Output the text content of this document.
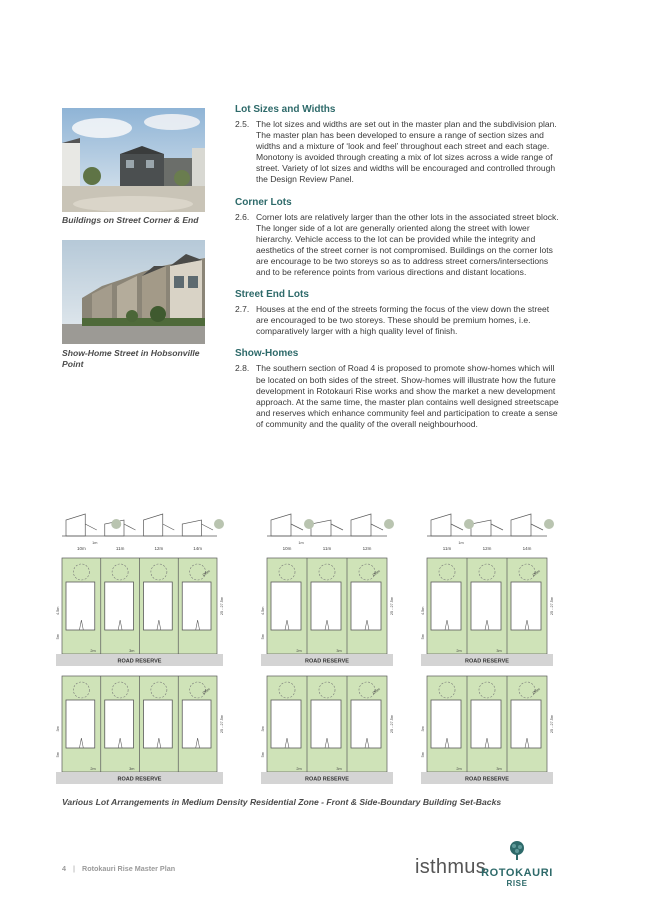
Buildings on Street Corner & End
Show-Home Street in Hobsonville Point
Lot Sizes and Widths
2.5. The lot sizes and widths are set out in the master plan and the subdivision plan. The master plan has been developed to ensure a range of section sizes and widths and a mixture of ‘look and feel’ throughout each street and each stage. Monotony is avoided through creating a mix of lot sizes across a wide range of street. Variety of lot sizes and widths will be encouraged and controlled through the Design Review Panel.
Corner Lots
2.6. Corner lots are relatively larger than the other lots in the associated street block. The longer side of a lot are generally oriented along the street with lower hierarchy. Vehicle access to the lot can be provided while the integrity and aesthetics of the street corner is not compromised. Buildings on the corner lots are encourage to be two storeys so as to address street corners/intersections and to be reference points from various directions and distant locations.
Street End Lots
2.7. Houses at the end of the streets forming the focus of the view down the street are encouraged to be two storeys. These should be premium homes, i.e. comparatively larger with a high quality level of finish.
Show-Homes
2.8. The southern section of Road 4 is proposed to promote show-homes which will be located on both sides of the street. Show-homes will illustrate how the future development in Rotokauri Rise works and show the market a new development approach. At the same time, the master plan contains well designed streetscape and reserves which enhance community feel and participation to create a sense of community and the quality of the overall neighbourhood.
10m	11m	12m	14m
1m
Ø6m
ROAD RESERVE
25 - 27.5m
4.5m
5m
2m	3m
Ø6m
ROAD RESERVE
25 - 27.5m
3m
5m
2m	3m
10m	11m	12m
1m
Ø6m
ROAD RESERVE
25 - 27.5m
4.5m
5m
2m	3m
Ø6m
ROAD RESERVE
25 - 27.5m
3m
5m
2m	3m
11m	12m	14m
1m
Ø6m
ROAD RESERVE
25 - 27.5m
4.5m
5m
2m	3m
Ø6m
ROAD RESERVE
25 - 27.5m
3m
5m
2m	3m
Various Lot Arrangements in Medium Density Residential Zone - Front & Side-Boundary Building Set-Backs
4 | Rotokauri Rise Master Plan	isthmus
ROTOKAURI
RISE
